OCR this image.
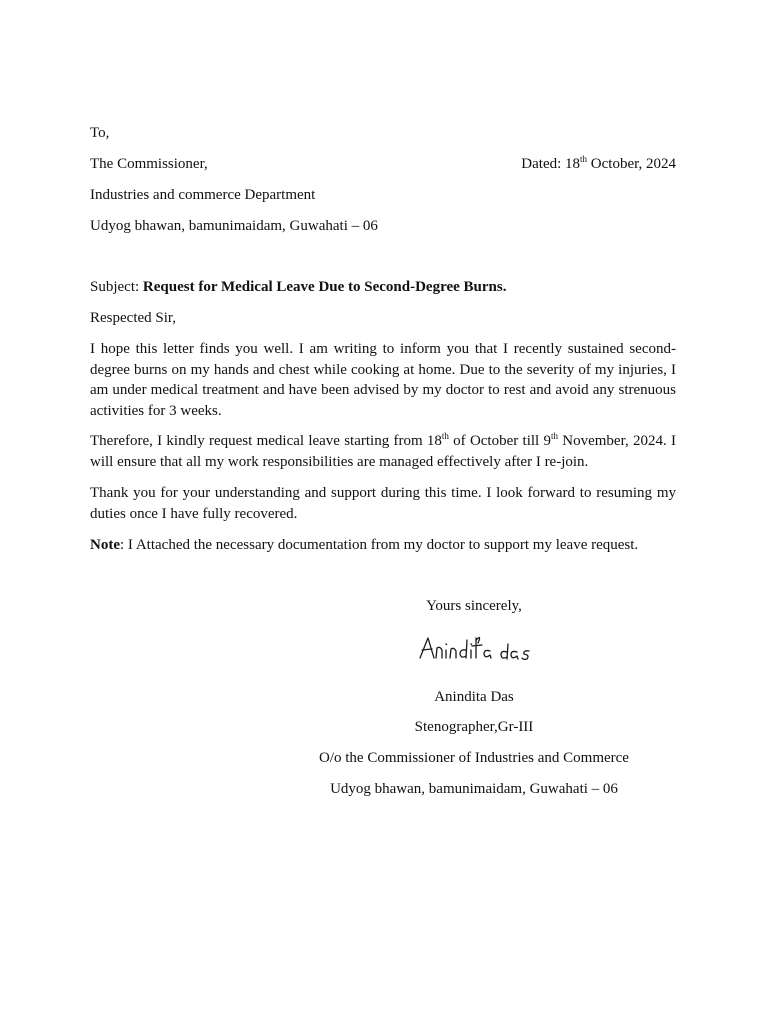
To,
The Commissioner,	Dated: 18th October, 2024
Industries and commerce Department
Udyog bhawan, bamunimaidam, Guwahati – 06
Subject: Request for Medical Leave Due to Second-Degree Burns.
Respected Sir,
I hope this letter finds you well. I am writing to inform you that I recently sustained second-degree burns on my hands and chest while cooking at home. Due to the severity of my injuries, I am under medical treatment and have been advised by my doctor to rest and avoid any strenuous activities for 3 weeks.
Therefore, I kindly request medical leave starting from 18th of October till 9th November, 2024. I will ensure that all my work responsibilities are managed effectively after I re-join.
Thank you for your understanding and support during this time. I look forward to resuming my duties once I have fully recovered.
Note: I Attached the necessary documentation from my doctor to support my leave request.
Yours sincerely,
Anindita Das
Stenographer,Gr-III
O/o the Commissioner of Industries and Commerce
Udyog bhawan, bamunimaidam, Guwahati – 06
